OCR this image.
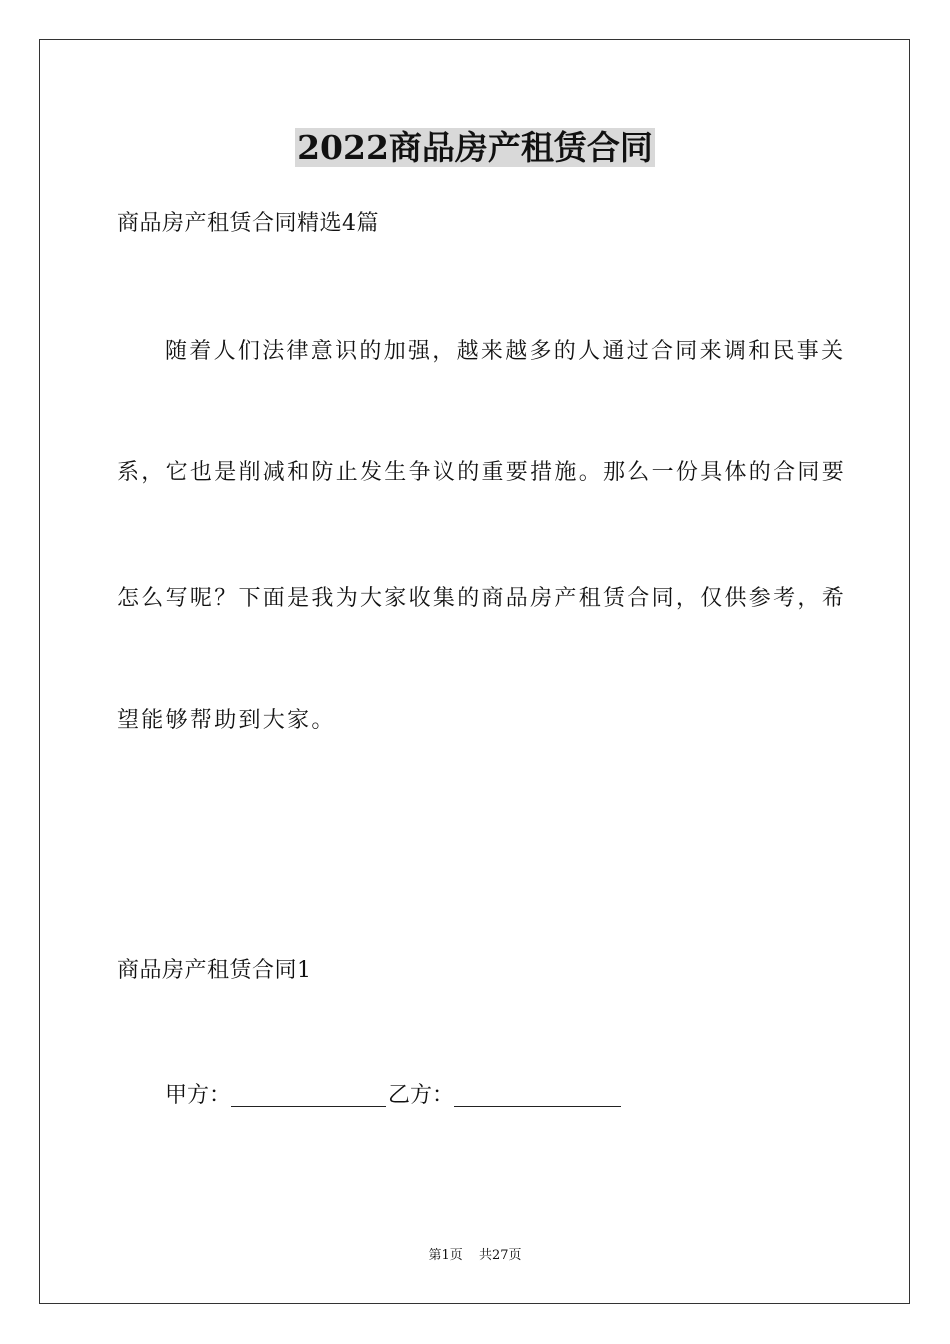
2022商品房产租赁合同
商品房产租赁合同精选4篇
随着人们法律意识的加强，越来越多的人通过合同来调和民事关
系，它也是削减和防止发生争议的重要措施。那么一份具体的合同要
怎么写呢？下面是我为大家收集的商品房产租赁合同，仅供参考，希
望能够帮助到大家。
商品房产租赁合同1
甲方：	乙方：
第1页 共27页
